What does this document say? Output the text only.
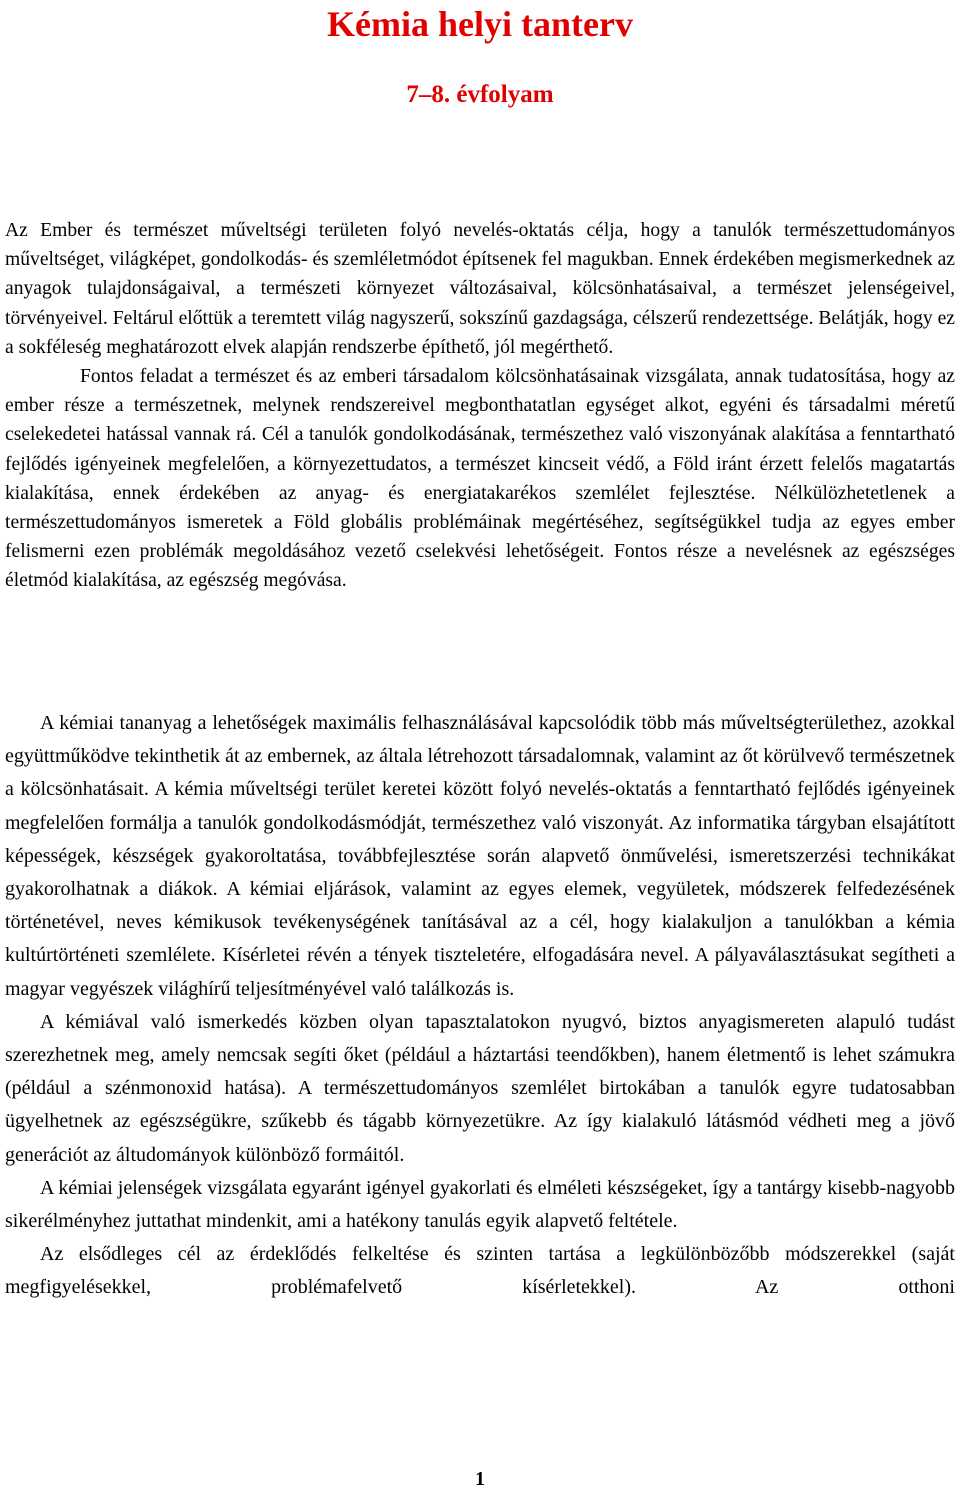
Kémia helyi tanterv
7–8. évfolyam

Az Ember és természet műveltségi területen folyó nevelés-oktatás célja, hogy a tanulók természettudományos műveltséget, világképet, gondolkodás- és szemléletmódot építsenek fel magukban. Ennek érdekében megismerkednek az anyagok tulajdonságaival, a természeti környezet változásaival, kölcsönhatásaival, a természet jelenségeivel, törvényeivel. Feltárul előttük a teremtett világ nagyszerű, sokszínű gazdagsága, célszerű rendezettsége. Belátják, hogy ez a sokféleség meghatározott elvek alapján rendszerbe építhető, jól megérthető.

Fontos feladat a természet és az emberi társadalom kölcsönhatásainak vizsgálata, annak tudatosítása, hogy az ember része a természetnek, melynek rendszereivel megbonthatatlan egységet alkot, egyéni és társadalmi méretű cselekedetei hatással vannak rá. Cél a tanulók gondolkodásának, természethez való viszonyának alakítása a fenntartható fejlődés igényeinek megfelelően, a környezettudatos, a természet kincseit védő, a Föld iránt érzett felelős magatartás kialakítása, ennek érdekében az anyag- és energiatakarékos szemlélet fejlesztése. Nélkülözhetetlenek a természettudományos ismeretek a Föld globális problémáinak megértéséhez, segítségükkel tudja az egyes ember felismerni ezen problémák megoldásához vezető cselekvési lehetőségeit. Fontos része a nevelésnek az egészséges életmód kialakítása, az egészség megóvása.

A kémiai tananyag a lehetőségek maximális felhasználásával kapcsolódik több más műveltségterülethez, azokkal együttműködve tekinthetik át az embernek, az általa létrehozott társadalomnak, valamint az őt körülvevő természetnek a kölcsönhatásait. A kémia műveltségi terület keretei között folyó nevelés-oktatás a fenntartható fejlődés igényeinek megfelelően formálja a tanulók gondolkodásmódját, természethez való viszonyát. Az informatika tárgyban elsajátított képességek, készségek gyakoroltatása, továbbfejlesztése során alapvető önművelési, ismeretszerzési technikákat gyakorolhatnak a diákok. A kémiai eljárások, valamint az egyes elemek, vegyületek, módszerek felfedezésének történetével, neves kémikusok tevékenységének tanításával az a cél, hogy kialakuljon a tanulókban a kémia kultúrtörténeti szemlélete. Kísérletei révén a tények tiszteletére, elfogadására nevel. A pályaválasztásukat segítheti a magyar vegyészek világhírű teljesítményével való találkozás is.

A kémiával való ismerkedés közben olyan tapasztalatokon nyugvó, biztos anyagismereten alapuló tudást szerezhetnek meg, amely nemcsak segíti őket (például a háztartási teendőkben), hanem életmentő is lehet számukra (például a szénmonoxid hatása). A természettudományos szemlélet birtokában a tanulók egyre tudatosabban ügyelhetnek az egészségükre, szűkebb és tágabb környezetükre. Az így kialakuló látásmód védheti meg a jövő generációt az áltudományok különböző formáitól.

A kémiai jelenségek vizsgálata egyaránt igényel gyakorlati és elméleti készségeket, így a tantárgy kisebb-nagyobb sikerélményhez juttathat mindenkit, ami a hatékony tanulás egyik alapvető feltétele.

Az elsődleges cél az érdeklődés felkeltése és szinten tartása a legkülönbözőbb módszerekkel (saját megfigyelésekkel, problémafelvető kísérletekkel). Az otthoni

1
